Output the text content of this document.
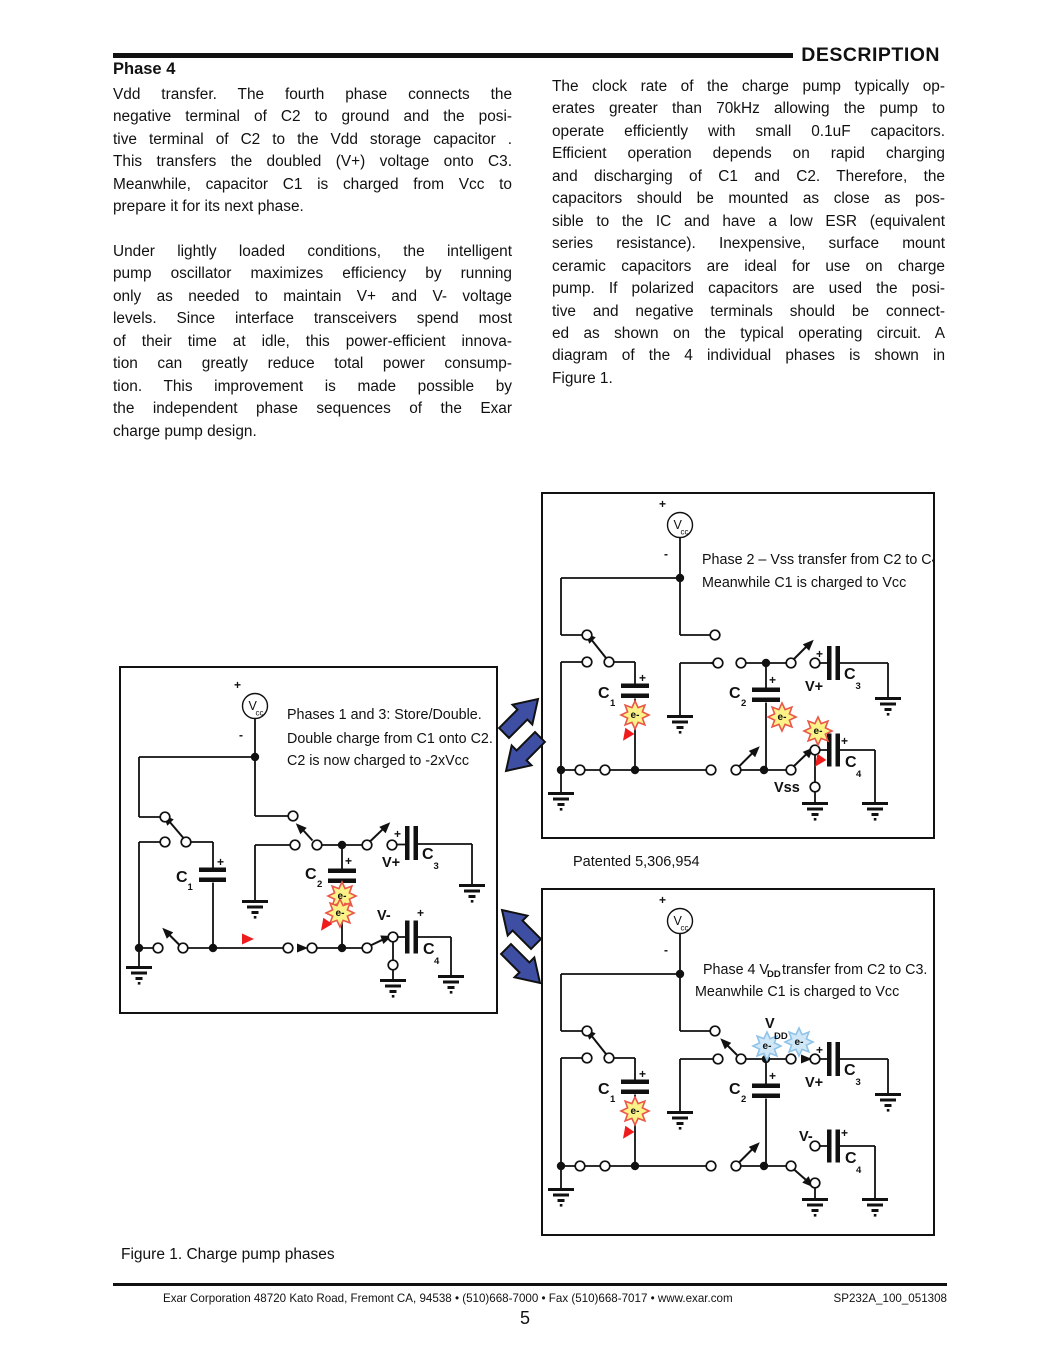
DESCRIPTION
Phase 4
Vdd transfer. The fourth phase connects the
negative terminal of C2 to ground and the posi-
tive terminal of C2 to the Vdd storage capacitor .
This transfers the doubled (V+) voltage onto C3.
Meanwhile, capacitor C1 is charged from Vcc to
prepare it for its next phase.
Under lightly loaded conditions, the intelligent
pump oscillator maximizes efficiency by running
only as needed to maintain V+ and V- voltage
levels. Since interface transceivers spend most
of their time at idle, this power-efficient innova-
tion can greatly reduce total power consump-
tion. This improvement is made possible by
the independent phase sequences of the Exar
charge pump design.
The clock rate of the charge pump typically op-
erates greater than 70kHz allowing the pump to
operate efficiently with small 0.1uF capacitors.
Efficient operation depends on rapid charging
and discharging of C1 and C2. Therefore, the
capacitors should be mounted as close as pos-
sible to the IC and have a low ESR (equivalent
series resistance). Inexpensive, surface mount
ceramic capacitors are ideal for use on charge
pump. If polarized capacitors are used the posi-
tive and negative terminals should be connect-
ed as shown on the typical operating circuit. A
diagram of the 4 individual phases is shown in
Figure 1.
V
cc
+
-
e-	e-
e-
C
1
+
C
2
+ V+
+
C
3
+
C
4
Vss
Phase 2 – Vss transfer from C2 to C4.
Meanwhile C1 is charged to Vcc
V
cc
+
-
e-
e-
C
1
+
C
2
+ V+
+
C
3
V- +
C
4
Phases 1 and 3: Store/Double.
Double charge from C1 onto C2.
C2 is now charged to -2xVcc
V
cc
+
-
e-
e- e-
V
DD
C
1
+
C
2
+ V+
+
C
3
V- +
C
4
Phase 4 V
DD transfer from C2 to C3.
Meanwhile C1 is charged to Vcc
Patented 5,306,954
Figure 1. Charge pump phases
Exar Corporation 48720 Kato Road, Fremont CA, 94538 • (510)668-7000 • Fax (510)668-7017 • www.exar.com	SP232A_100_051308
5
